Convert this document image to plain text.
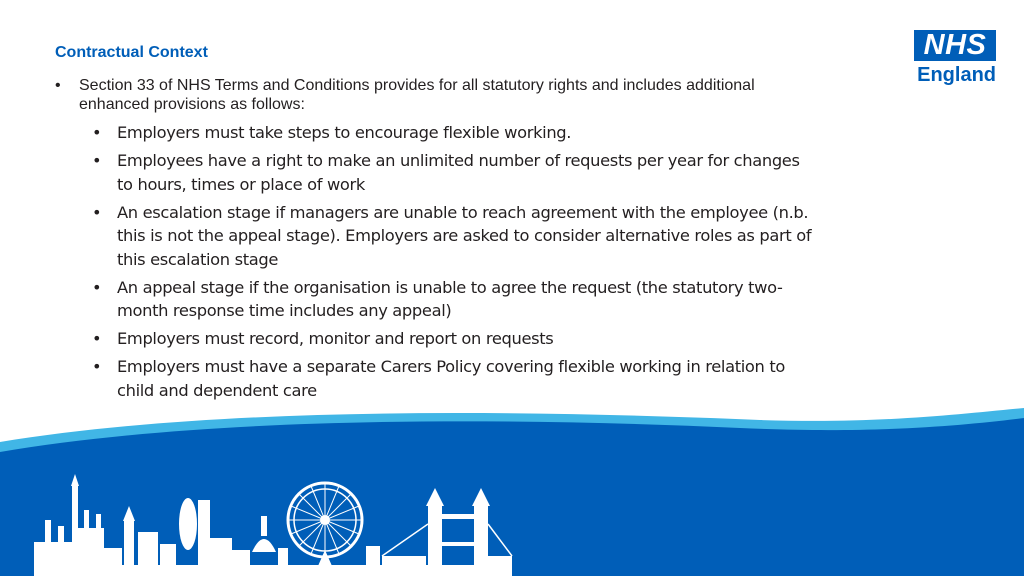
Contractual Context
•	Section 33 of NHS Terms and Conditions provides for all statutory rights and includes additional enhanced provisions as follows:
• Employers must take steps to encourage flexible working.
• Employees have a right to make an unlimited number of requests per year for changes to hours, times or place of work
• An escalation stage if managers are unable to reach agreement with the employee (n.b. this is not the appeal stage). Employers are asked to consider alternative roles as part of this escalation stage
• An appeal stage if the organisation is unable to agree the request (the statutory two-month response time includes any appeal)
• Employers must record, monitor and report on requests
• Employers must have a separate Carers Policy covering flexible working in relation to child and dependent care
NHS
England
